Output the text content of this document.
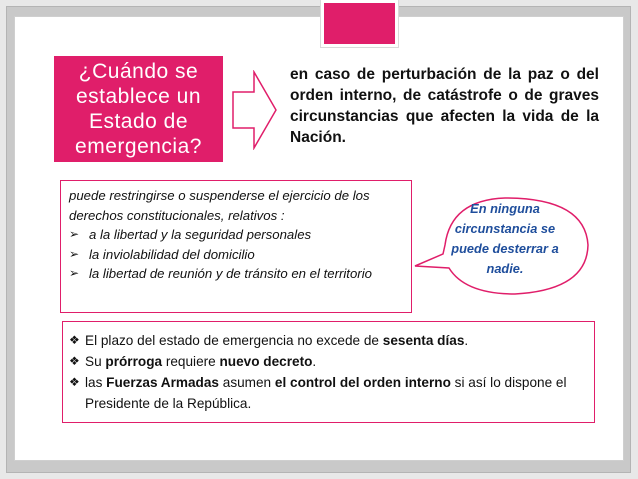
¿Cuándo se establece un Estado de emergencia?
en caso de perturbación de la paz o del orden interno, de catástrofe o de graves circunstancias que afecten la vida de la Nación.
puede restringirse o suspenderse el ejercicio de los derechos constitucionales, relativos :
➢ a la libertad y la seguridad personales
➢ la inviolabilidad del domicilio
➢ la libertad de reunión y de tránsito en el territorio
En ninguna circunstancia se puede desterrar a nadie.

❖ El plazo del estado de emergencia no excede de sesenta días.

❖ Su prórroga requiere nuevo decreto.

❖ las Fuerzas Armadas asumen el control del orden interno si así lo dispone el Presidente de la República.
